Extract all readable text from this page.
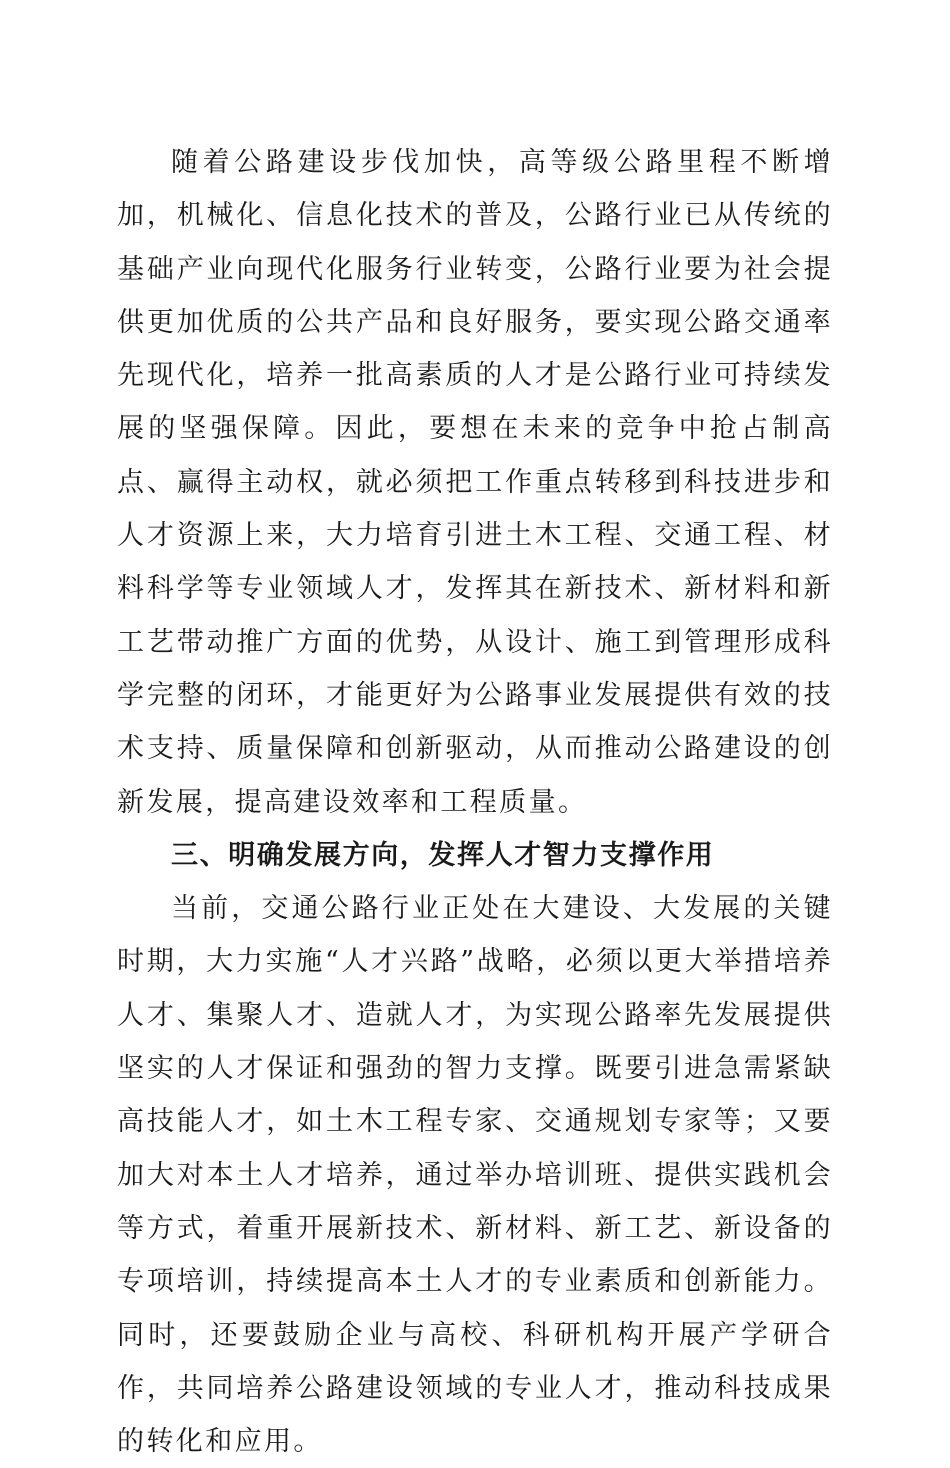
随着公路建设步伐加快，高等级公路里程不断增加，机械化、信息化技术的普及，公路行业已从传统的基础产业向现代化服务行业转变，公路行业要为社会提供更加优质的公共产品和良好服务，要实现公路交通率先现代化，培养一批高素质的人才是公路行业可持续发展的坚强保障。因此，要想在未来的竞争中抢占制高点、赢得主动权，就必须把工作重点转移到科技进步和人才资源上来，大力培育引进土木工程、交通工程、材料科学等专业领域人才，发挥其在新技术、新材料和新工艺带动推广方面的优势，从设计、施工到管理形成科学完整的闭环，才能更好为公路事业发展提供有效的技术支持、质量保障和创新驱动，从而推动公路建设的创新发展，提高建设效率和工程质量。

三、明确发展方向，发挥人才智力支撑作用

当前，交通公路行业正处在大建设、大发展的关键时期，大力实施“人才兴路”战略，必须以更大举措培养人才、集聚人才、造就人才，为实现公路率先发展提供坚实的人才保证和强劲的智力支撑。既要引进急需紧缺高技能人才，如土木工程专家、交通规划专家等；又要加大对本土人才培养，通过举办培训班、提供实践机会等方式，着重开展新技术、新材料、新工艺、新设备的专项培训，持续提高本土人才的专业素质和创新能力。同时，还要鼓励企业与高校、科研机构开展产学研合作，共同培养公路建设领域的专业人才，推动科技成果的转化和应用。
